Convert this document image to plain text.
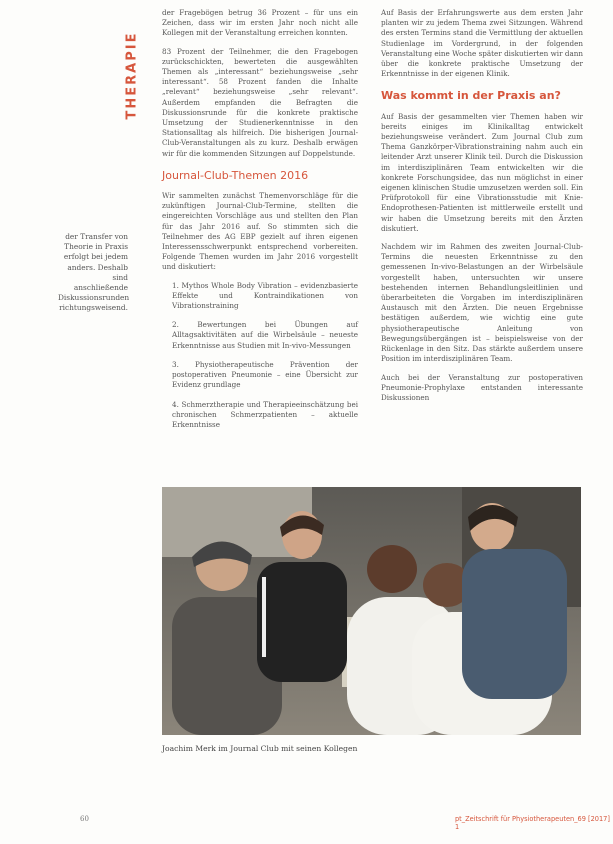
THERAPIE
der Transfer von Theorie in Praxis erfolgt bei jedem anders. Deshalb sind anschließende Diskussionsrunden richtungsweisend.

der Fragebögen betrug 36 Prozent – für uns ein Zeichen, dass wir im ersten Jahr noch nicht alle Kollegen mit der Veranstaltung erreichen konnten.

83 Prozent der Teilnehmer, die den Fragebogen zurückschickten, bewerteten die ausgewählten Themen als „interessant“ beziehungsweise „sehr interessant“. 58 Prozent fanden die Inhalte „relevant“ beziehungsweise „sehr relevant“. Außerdem empfanden die Befragten die Diskussionsrunde für die konkrete praktische Umsetzung der Studienerkenntnisse in den Stationsalltag als hilfreich. Die bisherigen Journal-Club-Veranstaltungen als zu kurz. Deshalb erwägen wir für die kommenden Sitzungen auf Doppelstunde.

Journal-Club-Themen 2016

Wir sammelten zunächst Themenvorschläge für die zukünftigen Journal-Club-Termine, stellten die eingereichten Vorschläge aus und stellten den Plan für das Jahr 2016 auf. So stimmten sich die Teilnehmer des AG EBP gezielt auf ihren eigenen Interessensschwerpunkt entsprechend vorbereiten. Folgende Themen wurden im Jahr 2016 vorgestellt und diskutiert:

1. Mythos Whole Body Vibration – evidenzbasierte Effekte und Kontraindikationen von Vibrationstraining
2. Bewertungen bei Übungen auf Alltagsaktivitäten auf die Wirbelsäule – neueste Erkenntnisse aus Studien mit In-vivo-Messungen
3. Physiotherapeutische Prävention der postoperativen Pneumonie – eine Übersicht zur Evidenz grundlage
4. Schmerztherapie und Therapieeinschätzung bei chronischen Schmerzpatienten – aktuelle Erkenntnisse

Auf Basis der Erfahrungswerte aus dem ersten Jahr planten wir zu jedem Thema zwei Sitzungen. Während des ersten Termins stand die Vermittlung der aktuellen Studienlage im Vordergrund, in der folgenden Veranstaltung eine Woche später diskutierten wir dann über die konkrete praktische Umsetzung der Erkenntnisse in der eigenen Klinik.

Was kommt in der Praxis an?

Auf Basis der gesammelten vier Themen haben wir bereits einiges im Klinikalltag entwickelt beziehungsweise verändert. Zum Journal Club zum Thema Ganzkörper-Vibrationstraining nahm auch ein leitender Arzt unserer Klinik teil. Durch die Diskussion im interdisziplinären Team entwickelten wir die konkrete Forschungsidee, das nun möglichst in einer eigenen klinischen Studie umzusetzen werden soll. Ein Prüfprotokoll für eine Vibrationsstudie mit Knie-Endoprothesen-Patienten ist mittlerweile erstellt und wir haben die Umsetzung bereits mit den Ärzten diskutiert.

Nachdem wir im Rahmen des zweiten Journal-Club-Termins die neuesten Erkenntnisse zu den gemessenen In-vivo-Belastungen an der Wirbelsäule vorgestellt haben, untersuchten wir unsere bestehenden internen Behandlungsleitlinien und überarbeiteten die Vorgaben im interdisziplinären Austausch mit den Ärzten. Die neuen Ergebnisse bestätigen außerdem, wie wichtig eine gute physiotherapeutische Anleitung von Bewegungsübergängen ist – beispielsweise von der Rückenlage in den Sitz. Das stärkte außerdem unsere Position im interdisziplinären Team.

Auch bei der Veranstaltung zur postoperativen Pneumonie-Prophylaxe entstanden interessante Diskussionen

Joachim Merk im Journal Club mit seinen Kollegen
60	pt_Zeitschrift für Physiotherapeuten_69 [2017] 1
